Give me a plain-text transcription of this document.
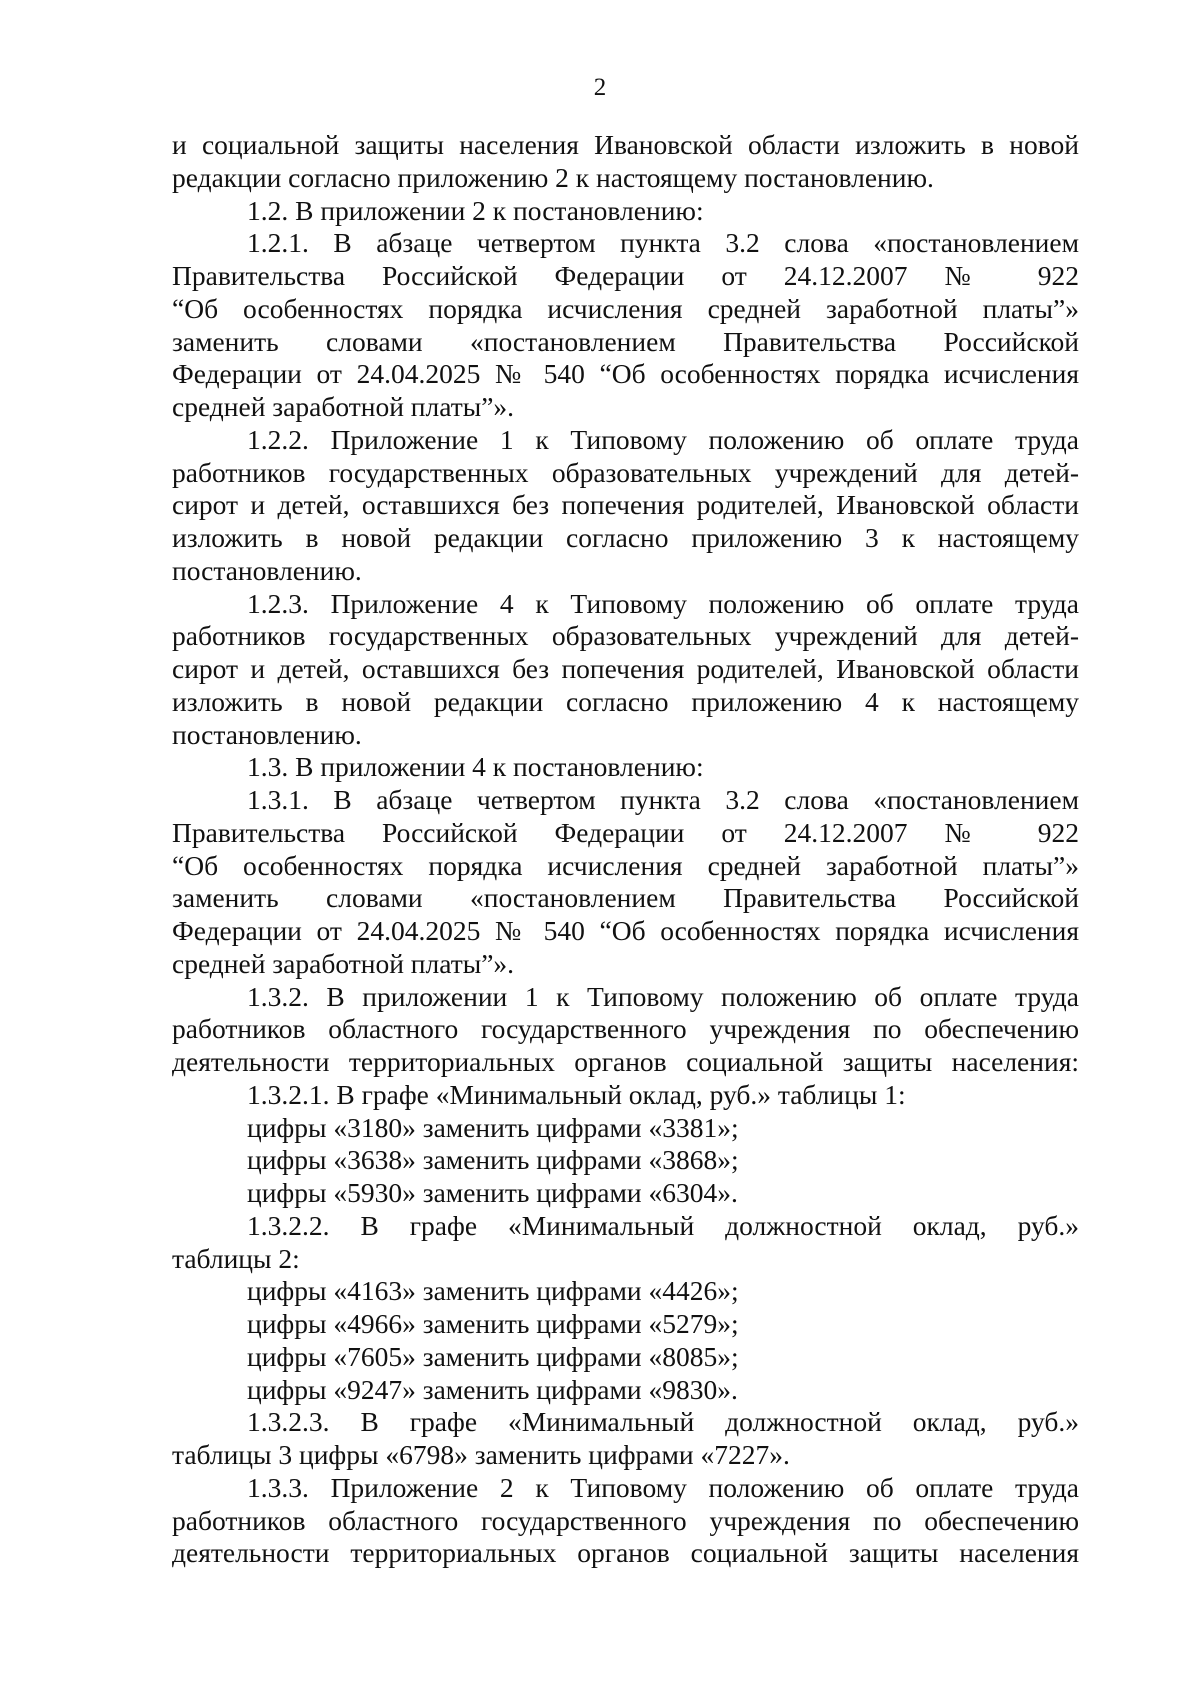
2
и социальной защиты населения Ивановской области изложить в новой
редакции согласно приложению 2 к настоящему постановлению.
1.2. В приложении 2 к постановлению:
1.2.1. В абзаце четвертом пункта 3.2 слова «постановлением
Правительства Российской Федерации от 24.12.2007 № 922
“Об особенностях порядка исчисления средней заработной платы”»
заменить словами «постановлением Правительства Российской
Федерации от 24.04.2025 № 540 “Об особенностях порядка исчисления
средней заработной платы”».
1.2.2. Приложение 1 к Типовому положению об оплате труда
работников государственных образовательных учреждений для детей-
сирот и детей, оставшихся без попечения родителей, Ивановской области
изложить в новой редакции согласно приложению 3 к настоящему
постановлению.
1.2.3. Приложение 4 к Типовому положению об оплате труда
работников государственных образовательных учреждений для детей-
сирот и детей, оставшихся без попечения родителей, Ивановской области
изложить в новой редакции согласно приложению 4 к настоящему
постановлению.
1.3. В приложении 4 к постановлению:
1.3.1. В абзаце четвертом пункта 3.2 слова «постановлением
Правительства Российской Федерации от 24.12.2007 № 922
“Об особенностях порядка исчисления средней заработной платы”»
заменить словами «постановлением Правительства Российской
Федерации от 24.04.2025 № 540 “Об особенностях порядка исчисления
средней заработной платы”».
1.3.2. В приложении 1 к Типовому положению об оплате труда
работников областного государственного учреждения по обеспечению
деятельности территориальных органов социальной защиты населения:
1.3.2.1. В графе «Минимальный оклад, руб.» таблицы 1:
цифры «3180» заменить цифрами «3381»;
цифры «3638» заменить цифрами «3868»;
цифры «5930» заменить цифрами «6304».
1.3.2.2. В графе «Минимальный должностной оклад, руб.»
таблицы 2:
цифры «4163» заменить цифрами «4426»;
цифры «4966» заменить цифрами «5279»;
цифры «7605» заменить цифрами «8085»;
цифры «9247» заменить цифрами «9830».
1.3.2.3. В графе «Минимальный должностной оклад, руб.»
таблицы 3 цифры «6798» заменить цифрами «7227».
1.3.3. Приложение 2 к Типовому положению об оплате труда
работников областного государственного учреждения по обеспечению
деятельности территориальных органов социальной защиты населения
